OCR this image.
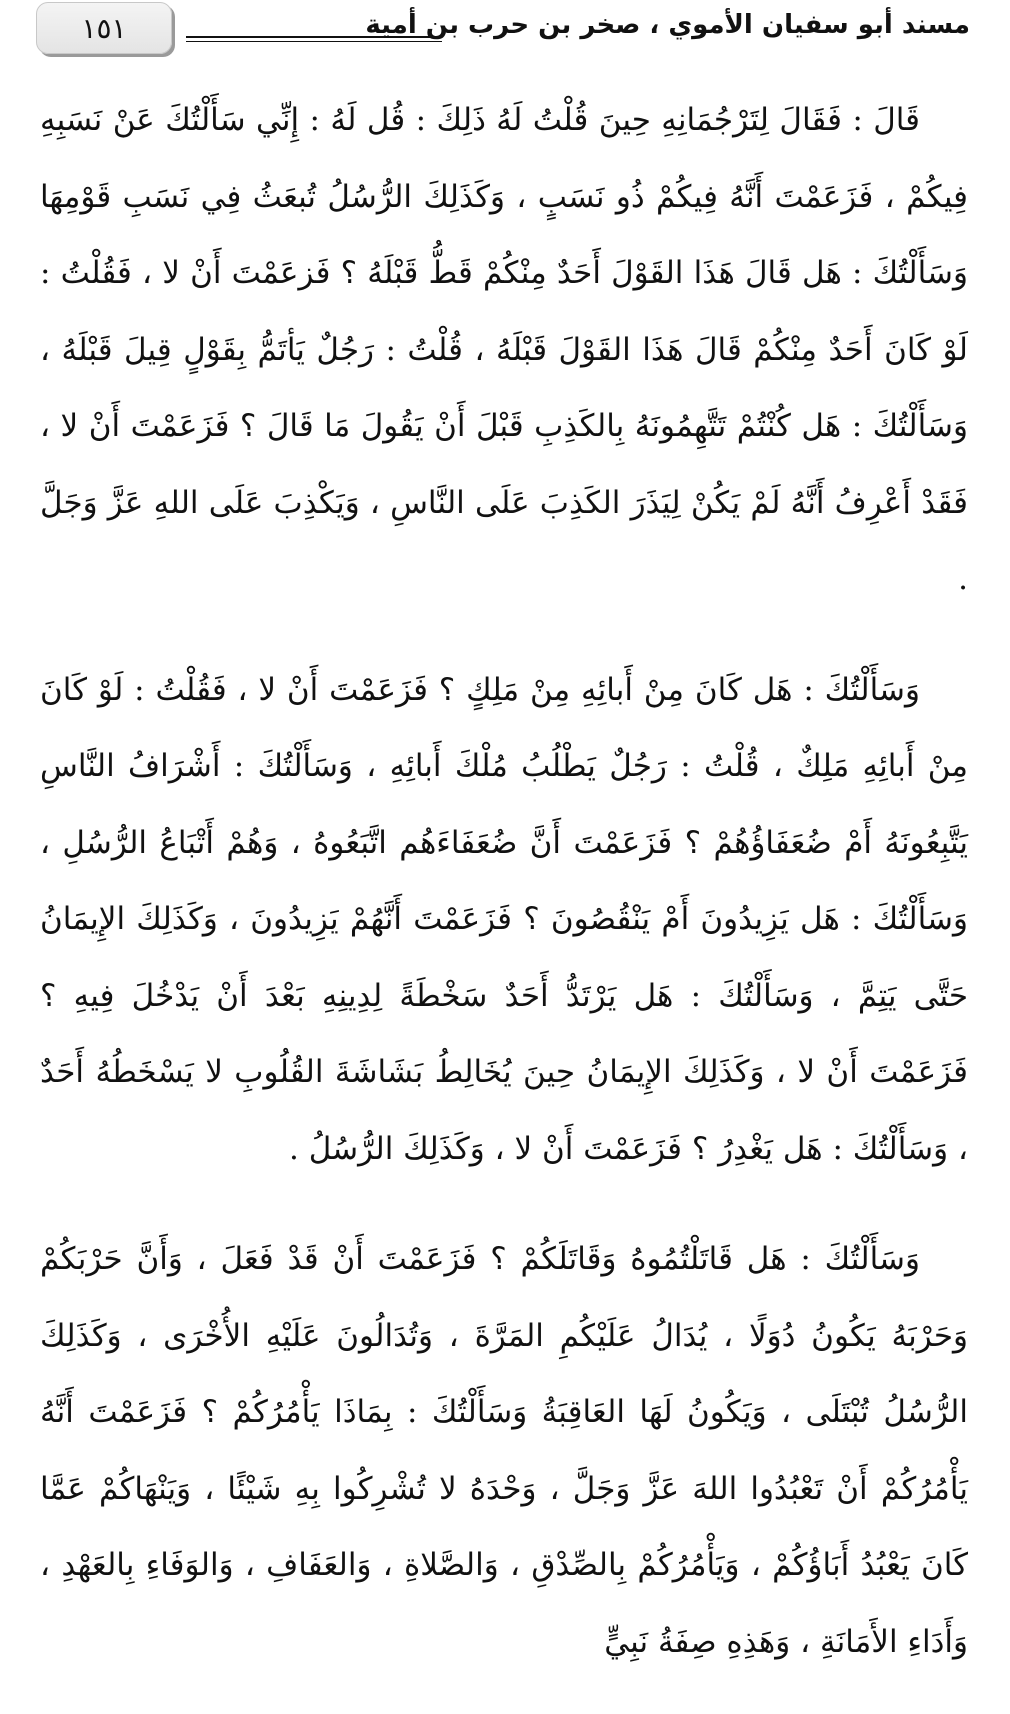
١٥١	مسند أبو سفيان الأموي ، صخر بن حرب بن أمية

قَالَ : فَقَالَ لِتَرْجُمَانِهِ حِينَ قُلْتُ لَهُ ذَلِكَ : قُل لَهُ : إِنِّي سَأَلْتُكَ عَنْ نَسَبِهِ فِيكُمْ ، فَزَعَمْتَ أَنَّهُ فِيكُمْ ذُو نَسَبٍ ، وَكَذَلِكَ الرُّسُلُ تُبعَثُ فِي نَسَبِ قَوْمِهَا وَسَأَلْتُكَ : هَل قَالَ هَذَا القَوْلَ أَحَدٌ مِنْكُمْ قَطُّ قَبْلَهُ ؟ فَزعَمْتَ أَنْ لا ، فَقُلْتُ : لَوْ كَانَ أَحَدٌ مِنْكُمْ قَالَ هَذَا القَوْلَ قَبْلَهُ ، قُلْتُ : رَجُلٌ يَأتَمُّ بِقَوْلٍ قِيلَ قَبْلَهُ ، وَسَأَلْتُكَ : هَل كُنْتُمْ تَتَّهِمُونَهُ بِالكَذِبِ قَبْلَ أَنْ يَقُولَ مَا قَالَ ؟ فَزَعَمْتَ أَنْ لا ، فَقَدْ أَعْرِفُ أَنَّهُ لَمْ يَكُنْ لِيَذَرَ الكَذِبَ عَلَى النَّاسِ ، وَيَكْذِبَ عَلَى اللهِ عَزَّ وَجَلَّ .

وَسَأَلْتُكَ : هَل كَانَ مِنْ أَبائِهِ مِنْ مَلِكٍ ؟ فَزَعَمْتَ أَنْ لا ، فَقُلْتُ : لَوْ كَانَ مِنْ أَبائِهِ مَلِكٌ ، قُلْتُ : رَجُلٌ يَطْلُبُ مُلْكَ أَبائِهِ ، وَسَأَلْتُكَ : أَشْرَافُ النَّاسِ يَتَّبِعُونَهُ أَمْ ضُعَفَاؤُهُمْ ؟ فَزَعَمْتَ أَنَّ ضُعَفَاءَهُم اتَّبَعُوهُ ، وَهُمْ أَتْبَاعُ الرُّسُلِ ، وَسَأَلْتُكَ : هَل يَزِيدُونَ أَمْ يَنْقُصُونَ ؟ فَزَعَمْتَ أَنَّهُمْ يَزِيدُونَ ، وَكَذَلِكَ الإِيمَانُ حَتَّى يَتِمَّ ، وَسَأَلْتُكَ : هَل يَرْتَدُّ أَحَدٌ سَخْطَةً لِدِينِهِ بَعْدَ أَنْ يَدْخُلَ فِيهِ ؟ فَزَعَمْتَ أَنْ لا ، وَكَذَلِكَ الإِيمَانُ حِينَ يُخَالِطُ بَشَاشَةَ القُلُوبِ لا يَسْخَطُهُ أَحَدٌ ، وَسَأَلْتُكَ : هَل يَغْدِرُ ؟ فَزَعَمْتَ أَنْ لا ، وَكَذَلِكَ الرُّسُلُ .

وَسَأَلْتُكَ : هَل قَاتَلْتُمُوهُ وَقَاتَلَكُمْ ؟ فَزَعَمْتَ أَنْ قَدْ فَعَلَ ، وَأَنَّ حَرْبَكُمْ وَحَرْبَهُ يَكُونُ دُوَلًا ، يُدَالُ عَلَيْكُمِ المَرَّةَ ، وَتُدَالُونَ عَلَيْهِ الأُخْرَى ، وَكَذَلِكَ الرُّسُلُ تُبْتَلَى ، وَيَكُونُ لَهَا العَاقِبَةُ وَسَأَلْتُكَ : بِمَاذَا يَأْمُرُكُمْ ؟ فَزَعَمْتَ أَنَّهُ يَأْمُرُكُمْ أَنْ تَعْبُدُوا اللهَ عَزَّ وَجَلَّ ، وَحْدَهُ لا تُشْرِكُوا بِهِ شَيْئًا ، وَيَنْهَاكُمْ عَمَّا كَانَ يَعْبُدُ أَبَاؤُكُمْ ، وَيَأْمُرُكُمْ بِالصِّدْقِ ، وَالصَّلاةِ ، وَالعَفَافِ ، وَالوَفَاءِ بِالعَهْدِ ، وَأَدَاءِ الأَمَانَةِ ، وَهَذِهِ صِفَةُ نَبِيٍّ
